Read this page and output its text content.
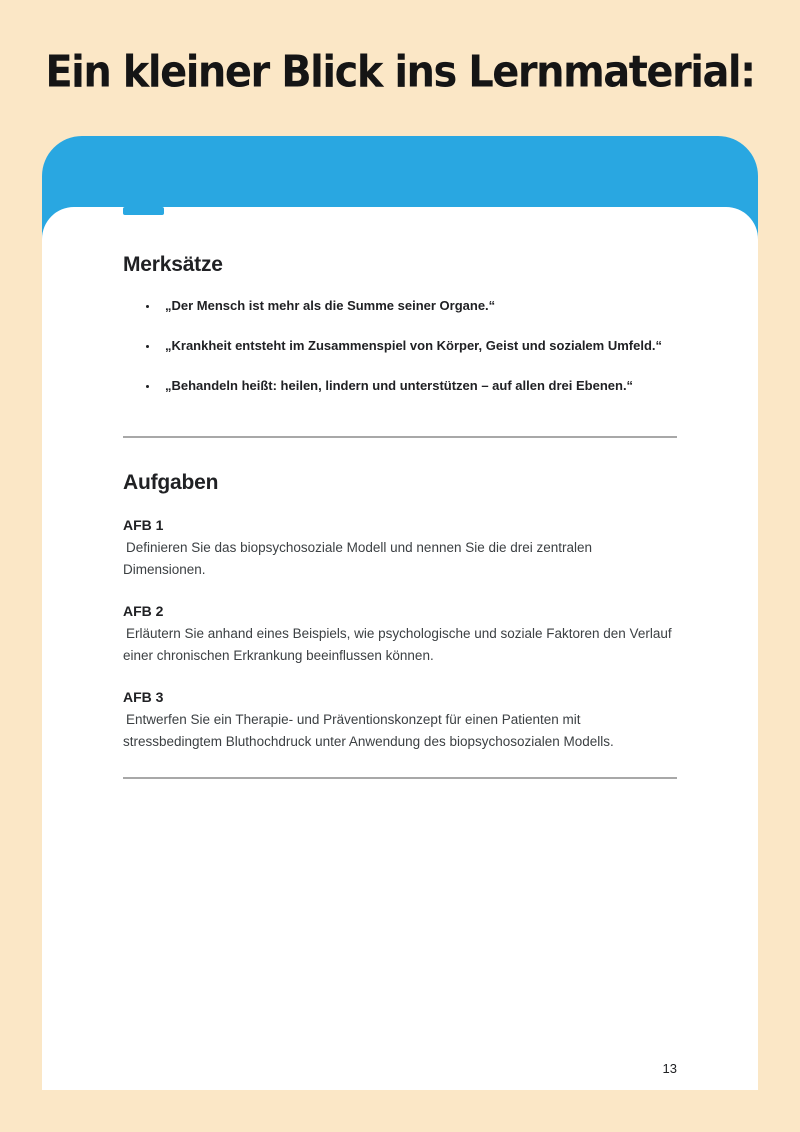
Ein kleiner Blick ins Lernmaterial:
Merksätze
• „Der Mensch ist mehr als die Summe seiner Organe.“
• „Krankheit entsteht im Zusammenspiel von Körper, Geist und sozialem Umfeld.“
• „Behandeln heißt: heilen, lindern und unterstützen – auf allen drei Ebenen.“
Aufgaben
AFB 1
Definieren Sie das biopsychosoziale Modell und nennen Sie die drei zentralen Dimensionen.
AFB 2
Erläutern Sie anhand eines Beispiels, wie psychologische und soziale Faktoren den Verlauf einer chronischen Erkrankung beeinflussen können.
AFB 3
Entwerfen Sie ein Therapie- und Präventionskonzept für einen Patienten mit stressbedingtem Bluthochdruck unter Anwendung des biopsychosozialen Modells.
13
